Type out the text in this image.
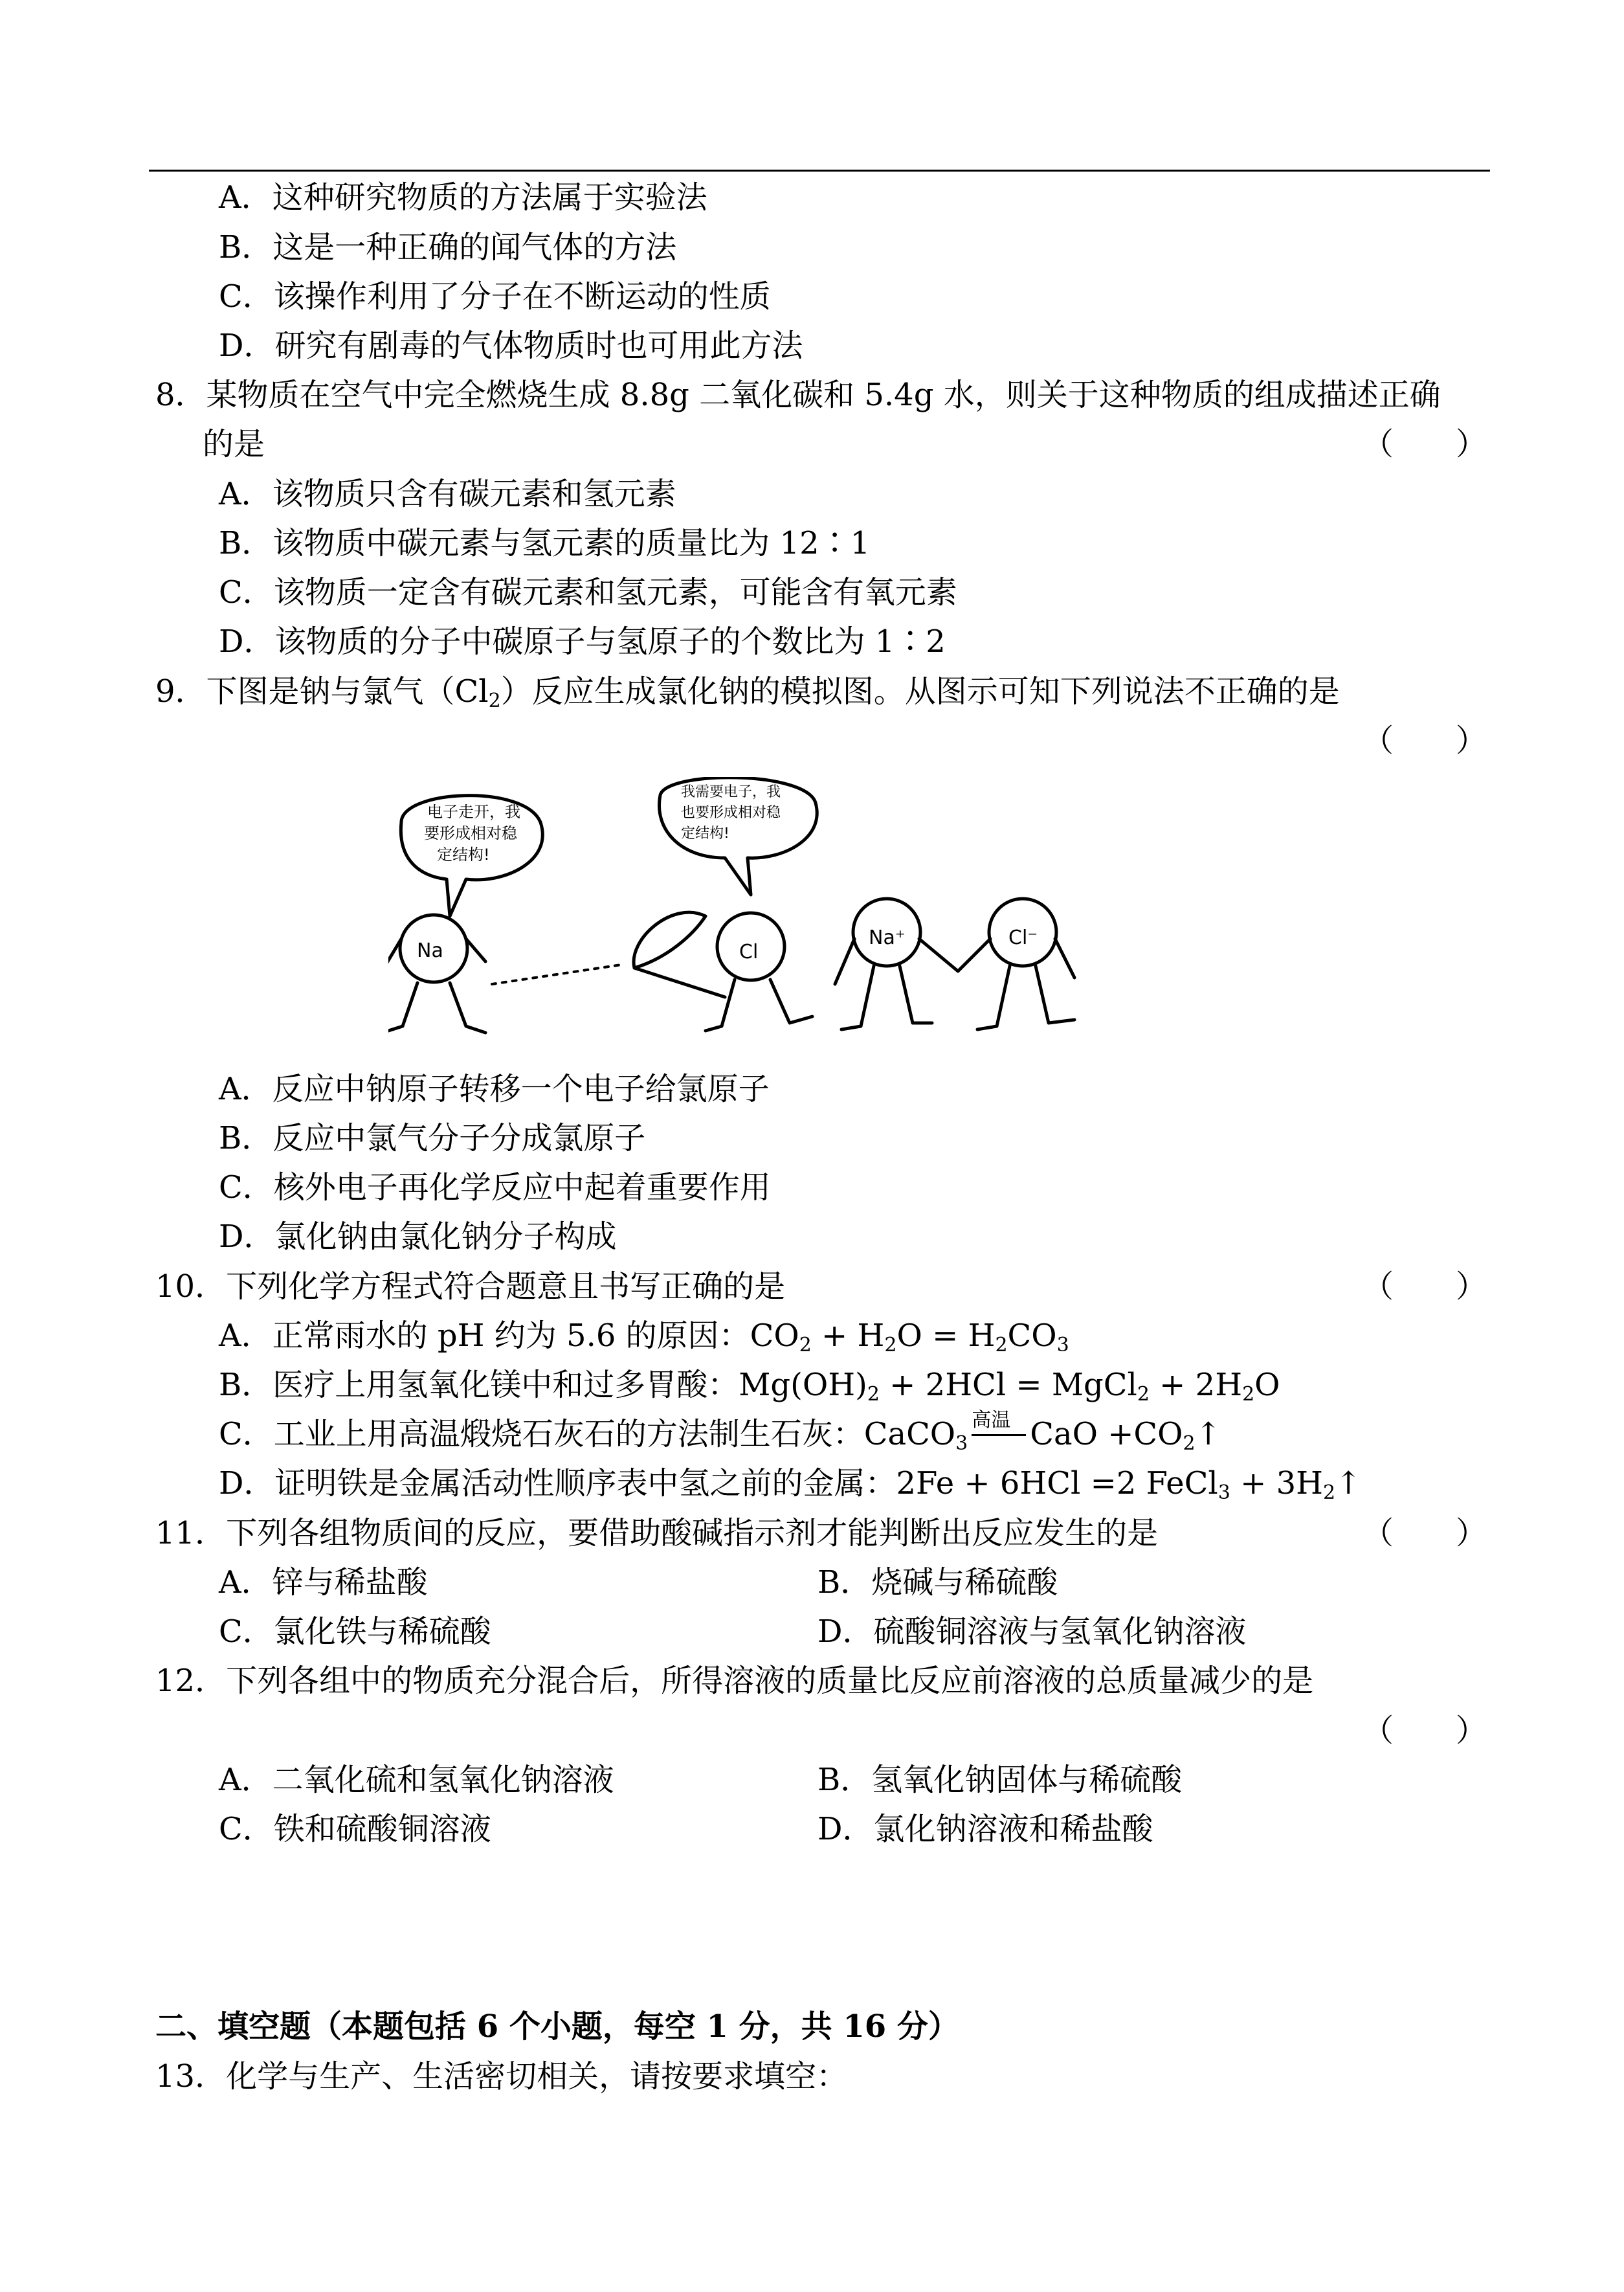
A．这种研究物质的方法属于实验法
B．这是一种正确的闻气体的方法
C．该操作利用了分子在不断运动的性质
D．研究有剧毒的气体物质时也可用此方法
8．某物质在空气中完全燃烧生成 8.8g 二氧化碳和 5.4g 水，则关于这种物质的组成描述正确
的是	（　　）
A．该物质只含有碳元素和氢元素
B．该物质中碳元素与氢元素的质量比为 12∶1
C．该物质一定含有碳元素和氢元素，可能含有氧元素
D．该物质的分子中碳原子与氢原子的个数比为 1∶2
9．下图是钠与氯气$(Cl_2)$反应生成氯化钠的模拟图。从图示可知下列说法不正确的是
（　　）
电子走开，我
要形成相对稳
定结构!
我需要电子，我
也要形成相对稳
定结构!
Na	Cl
Na⁺	Cl⁻
A．反应中钠原子转移一个电子给氯原子
B．反应中氯气分子分成氯原子
C．核外电子再化学反应中起着重要作用
D．氯化钠由氯化钠分子构成
10．下列化学方程式符合题意且书写正确的是	（　　）
A．正常雨水的 pH 约为 5.6 的原因：$CO_2 + H_2O = H_2CO_3$
B．医疗上用氢氧化镁中和过多胃酸：$Mg(OH)_2 + 2HCl$ = MgCl$_2$ + $2H_2O$
C．工业上用高温煅烧石灰石的方法制生石灰：CaCO$_3$
高温 CaO $+CO_2↑$
D．证明铁是金属活动性顺序表中氢之前的金属：2Fe + 6HCl =2 FeCl$_3$ + $3H_2↑$
11．下列各组物质间的反应，要借助酸碱指示剂才能判断出反应发生的是	（　　）
A．锌与稀盐酸	B．烧碱与稀硫酸
C．氯化铁与稀硫酸	D．硫酸铜溶液与氢氧化钠溶液
12．下列各组中的物质充分混合后，所得溶液的质量比反应前溶液的总质量减少的是
（　　）
A．二氧化硫和氢氧化钠溶液	B．氢氧化钠固体与稀硫酸
C．铁和硫酸铜溶液	D．氯化钠溶液和稀盐酸
二、填空题（本题包括 6 个小题，每空 1 分，共 16 分）
13．化学与生产、生活密切相关，请按要求填空：
